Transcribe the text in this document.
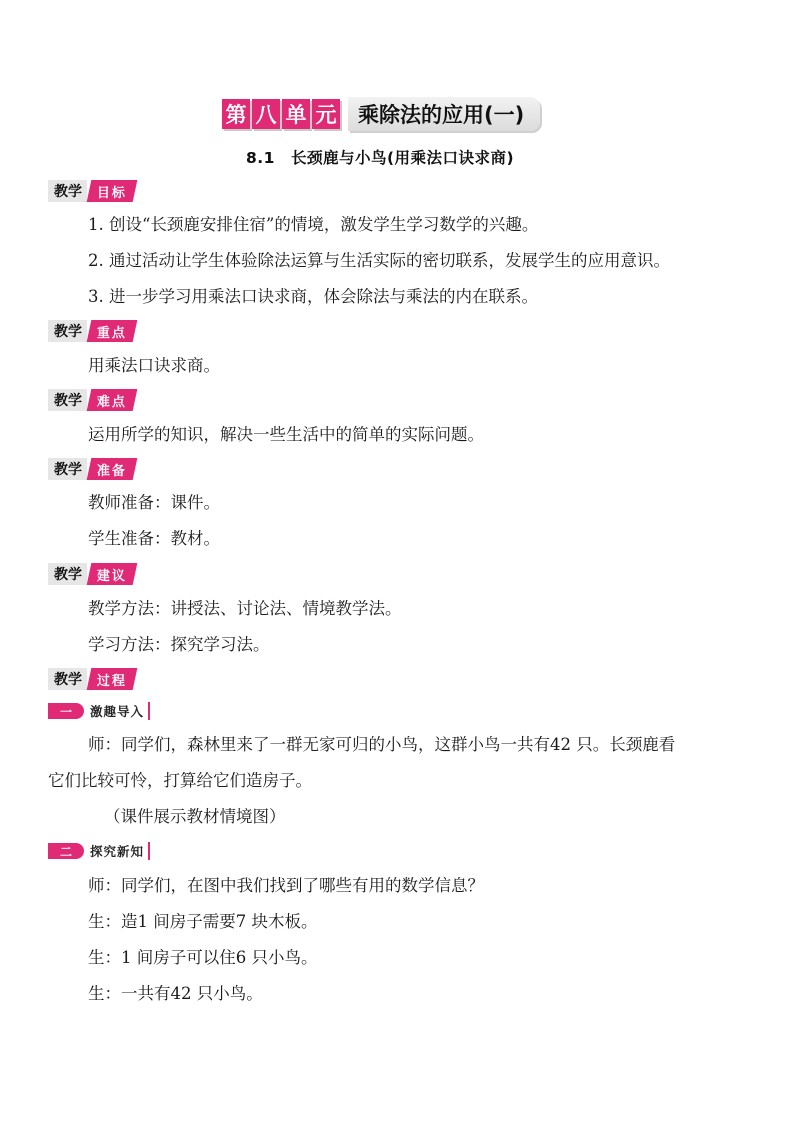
第 八 单 元	乘除法的应用(一)
8.1 长颈鹿与小鸟(用乘法口诀求商)
教学	目标
1. 创设“长颈鹿安排住宿”的情境，激发学生学习数学的兴趣。
2. 通过活动让学生体验除法运算与生活实际的密切联系，发展学生的应用意识。
3. 进一步学习用乘法口诀求商，体会除法与乘法的内在联系。
教学	重点
用乘法口诀求商。
教学	难点
运用所学的知识，解决一些生活中的简单的实际问题。
教学	准备
教师准备：课件。
学生准备：教材。
教学	建议
教学方法：讲授法、讨论法、情境教学法。
学习方法：探究学习法。
教学	过程
一	激趣导入
师：同学们，森林里来了一群无家可归的小鸟，这群小鸟一共有42 只。长颈鹿看
它们比较可怜，打算给它们造房子。
（课件展示教材情境图）
二	探究新知
师：同学们，在图中我们找到了哪些有用的数学信息？
生：造1 间房子需要7 块木板。
生：1 间房子可以住6 只小鸟。
生：一共有42 只小鸟。
